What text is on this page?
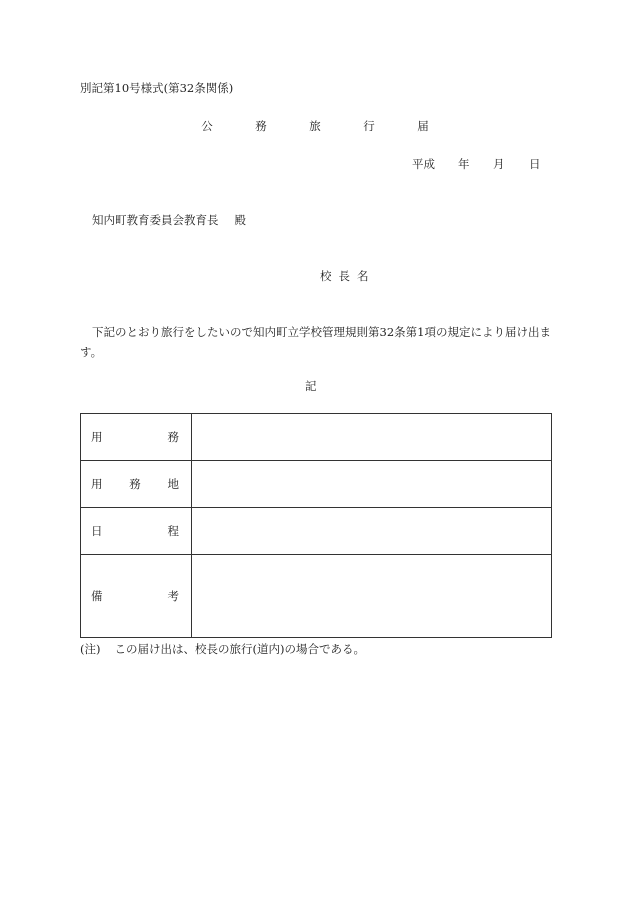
別記第10号様式(第32条関係)
公	務	旅	行	届
平成 年 月 日
知内町教育委員会教育長 殿
校 長 名
下記のとおり旅行をしたいので知内町立学校管理規則第32条第1項の規定により届け出ます。
記
用 務	

用 務 地	

日 程	

備 考	

(注) この届け出は、校長の旅行(道内)の場合である。
